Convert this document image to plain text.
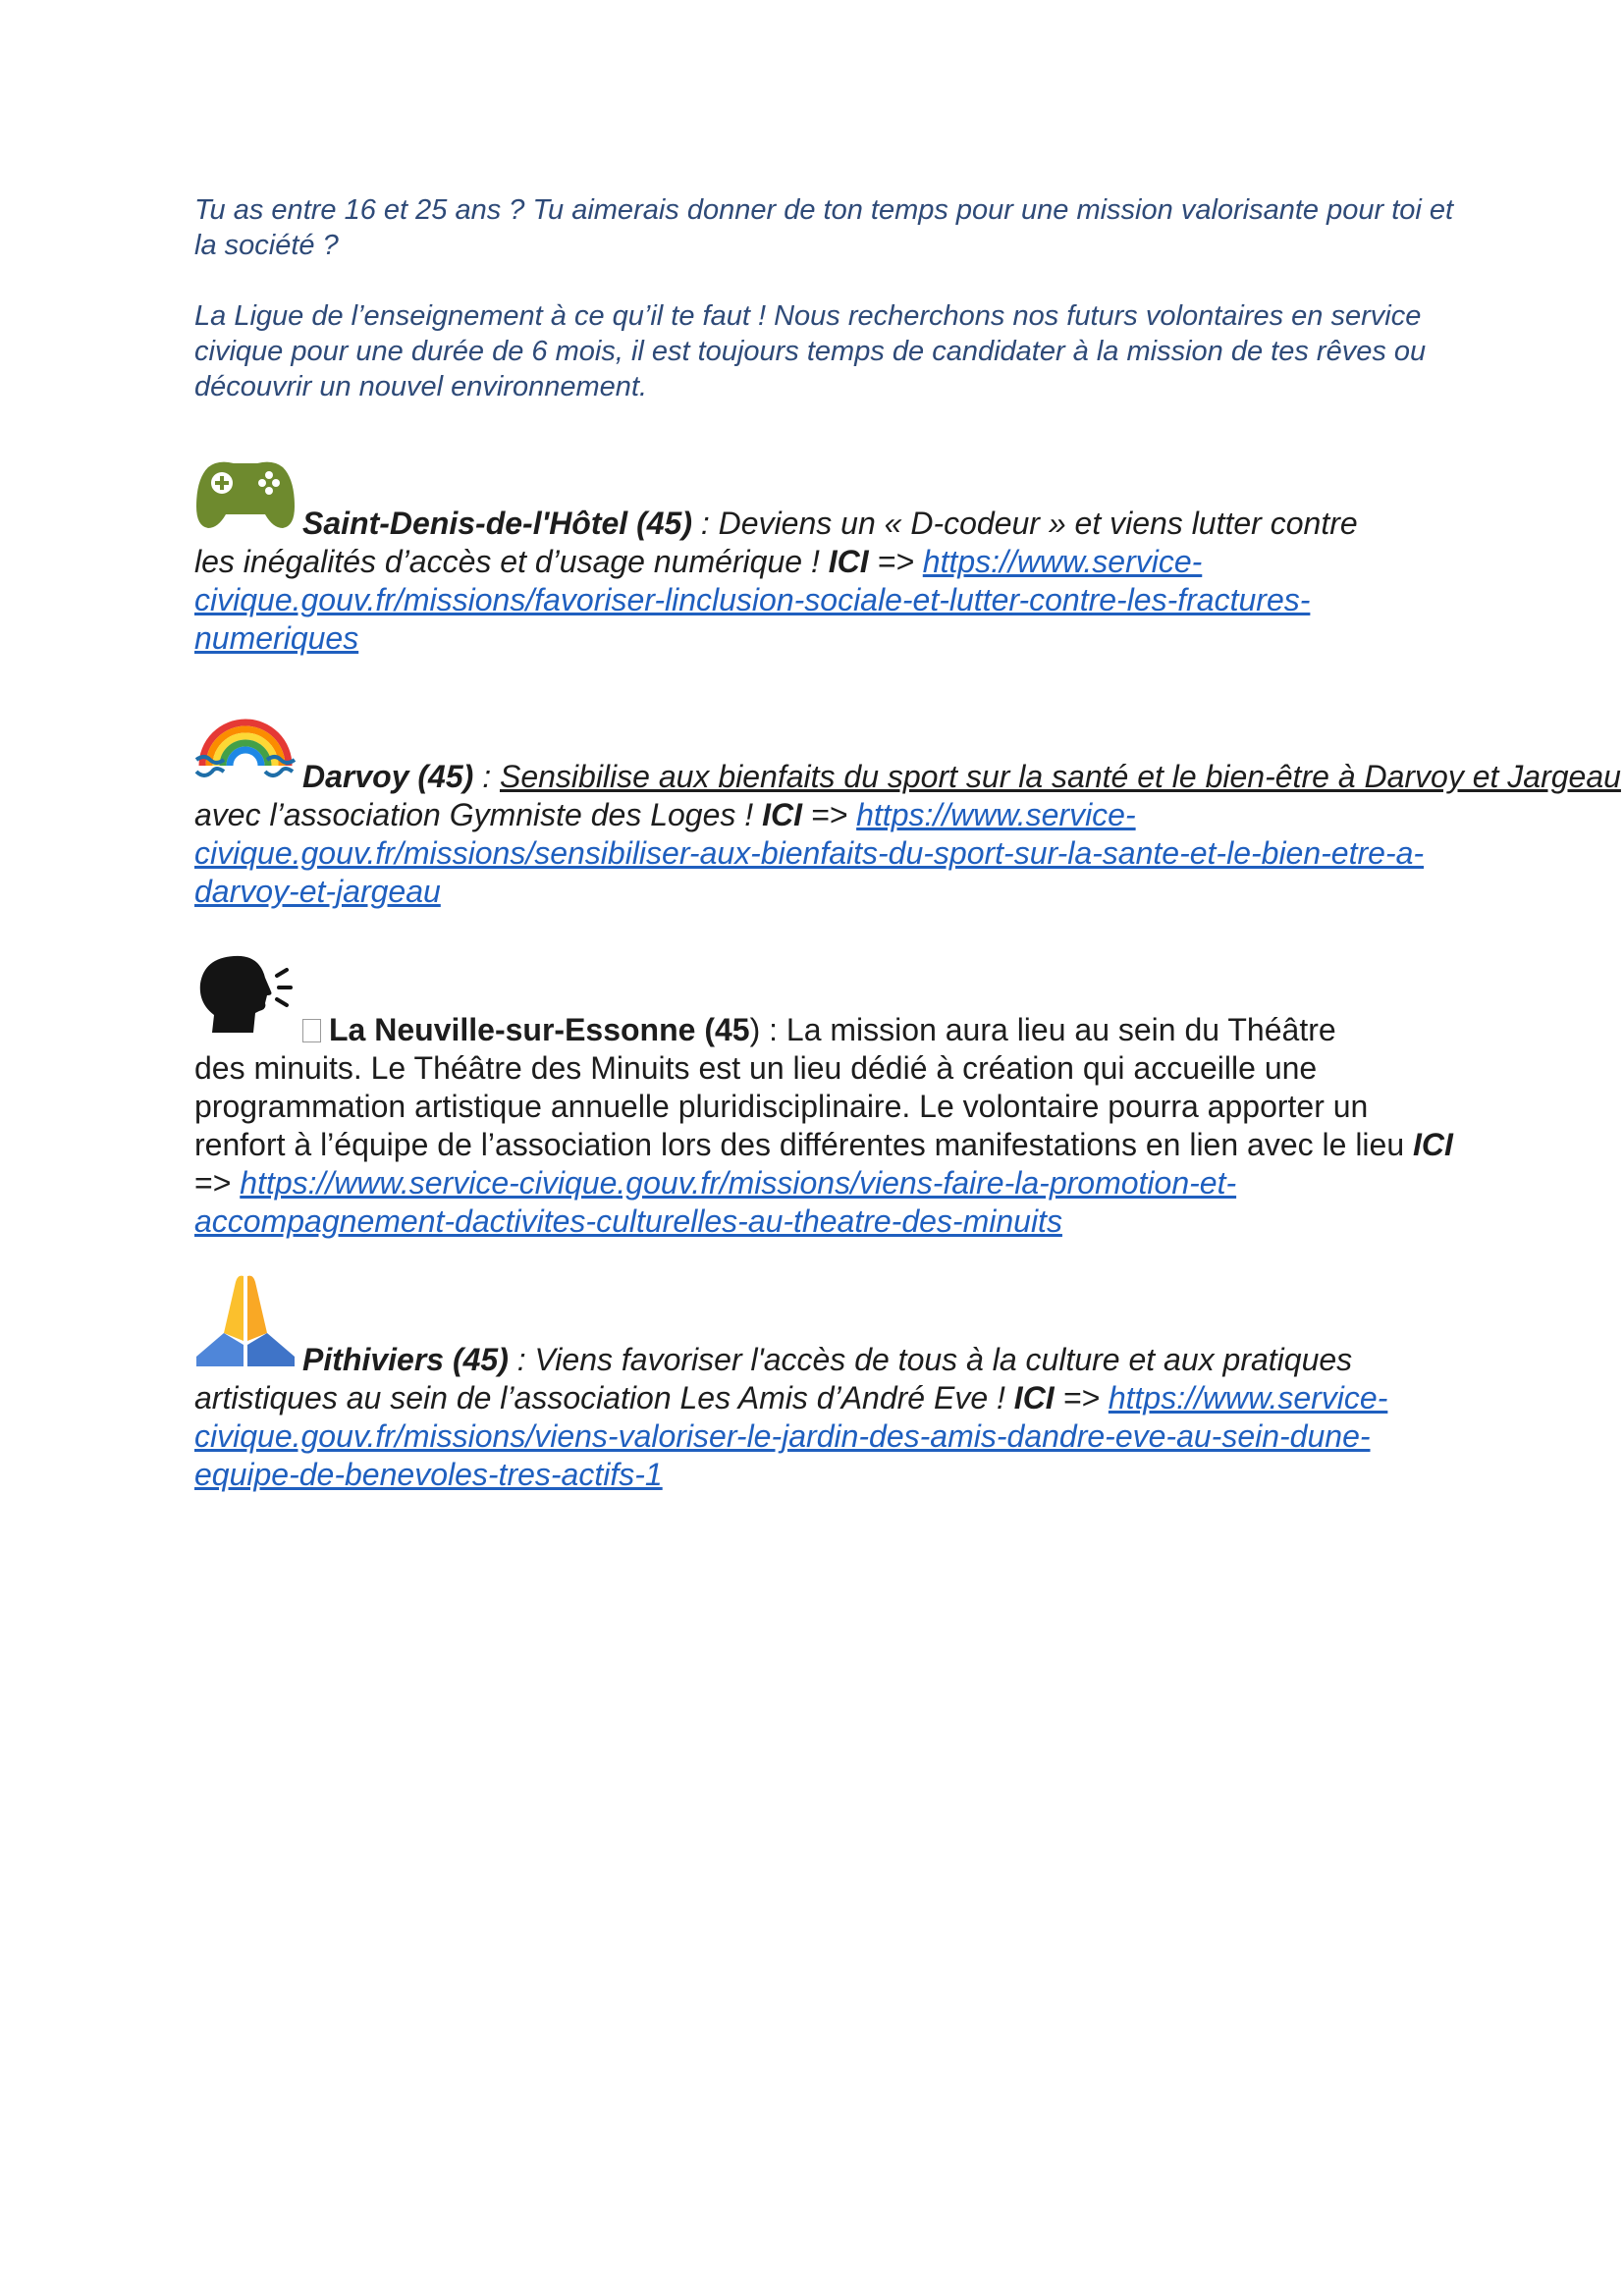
Tu as entre 16 et 25 ans ? Tu aimerais donner de ton temps pour une mission valorisante pour toi et la société ?

La Ligue de l’enseignement à ce qu’il te faut ! Nous recherchons nos futurs volontaires en service civique pour une durée de 6 mois, il est toujours temps de candidater à la mission de tes rêves ou découvrir un nouvel environnement.

Saint-Denis-de-l'Hôtel (45) : Deviens un « D-codeur » et viens lutter contre
les inégalités d’accès et d’usage numérique ! ICI => https://www.service-civique.gouv.fr/missions/favoriser-linclusion-sociale-et-lutter-contre-les-fractures-numeriques
Darvoy (45) : Sensibilise aux bienfaits du sport sur la santé et le bien-être à Darvoy et Jargeau
avec l’association Gymniste des Loges ! ICI => https://www.service-civique.gouv.fr/missions/sensibiliser-aux-bienfaits-du-sport-sur-la-sante-et-le-bien-etre-a-darvoy-et-jargeau
La Neuville-sur-Essonne (45) : La mission aura lieu au sein du Théâtre
des minuits. Le Théâtre des Minuits est un lieu dédié à création qui accueille une programmation artistique annuelle pluridisciplinaire. Le volontaire pourra apporter un renfort à l’équipe de l’association lors des différentes manifestations en lien avec le lieu ICI => https://www.service-civique.gouv.fr/missions/viens-faire-la-promotion-et-accompagnement-dactivites-culturelles-au-theatre-des-minuits
Pithiviers (45) : Viens favoriser l'accès de tous à la culture et aux pratiques
artistiques au sein de l’association Les Amis d’André Eve ! ICI => https://www.service-civique.gouv.fr/missions/viens-valoriser-le-jardin-des-amis-dandre-eve-au-sein-dune-equipe-de-benevoles-tres-actifs-1
